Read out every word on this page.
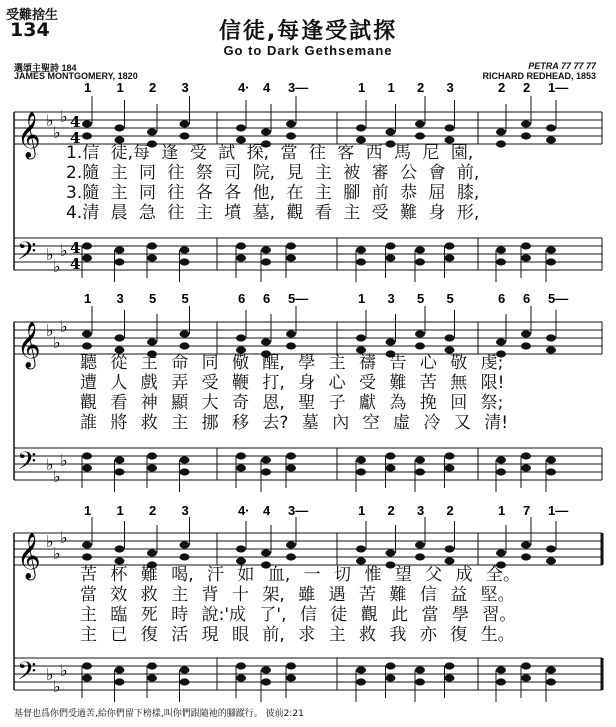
受難捨生
134	信徒,每逢受試探
Go to Dark Gethsemane
選頌主聖詩 184
JAMES MONTGOMERY, 1820
PETRA 77 77 77
RICHARD REDHEAD, 1853
𝄞 ♭
♭
♭ 4
4
𝄢 ♭
♭
♭ 4
4
1 1 2 3	4· 4 3—	1 1 2 3	2 2 1—
𝄞 ♭
♭
♭
𝄢 ♭
♭
♭
1 3 5 5	6 6 5—	1 3 5 5	6 6 5—
𝄞 ♭
♭
♭
𝄢 ♭
♭
♭
1 1 2 3	4· 4 3—	1 2 3 2	1 7 1—
1.信 徒,每 逢 受 試 探, 當 往 客 西 馬 尼 園,
2.隨 主 同 往 祭 司 院, 見 主 被 審 公 會 前,
3.隨 主 同 往 各 各 他, 在 主 腳 前 恭 屈 膝,
4.清 晨 急 往 主 墳 墓, 觀 看 主 受 難 身 形,
聽 從 主 命 同 儆 醒, 學 主 禱 告 心 敬 虔;
遭 人 戲 弄 受 鞭 打, 身 心 受 難 苦 無 限!
觀 看 神 顯 大 奇 恩, 聖 子 獻 為 挽 回 祭;
誰 將 救 主 挪 移 去? 墓 內 空 虛 冷 又 清!
苦 杯 難 喝, 汗 如 血, 一 切 惟 望 父 成 全。
當 效 救 主 背 十 架, 雖 遇 苦 難 信 益 堅。
主 臨 死 時 說:'成 了', 信 徒 觀 此 當 學 習。
主 已 復 活 現 眼 前, 求 主 救 我 亦 復 生。
基督也爲你們受過苦,給你們留下榜樣,叫你們跟隨祂的腳蹤行。 彼前2:21
